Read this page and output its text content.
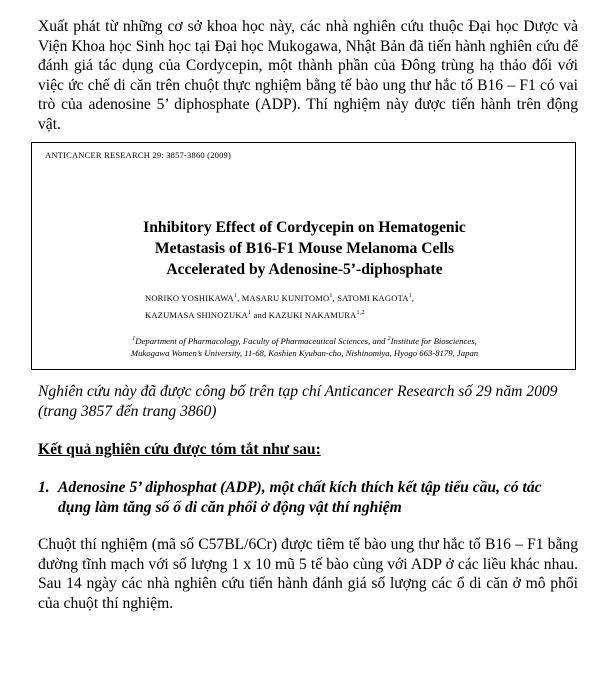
Xuất phát từ những cơ sở khoa học này, các nhà nghiên cứu thuộc Đại học Dược và Viện Khoa học Sinh học tại Đại học Mukogawa, Nhật Bản đã tiến hành nghiên cứu để đánh giá tác dụng của Cordycepin, một thành phần của Đông trùng hạ thảo đối với việc ức chế di căn trên chuột thực nghiệm bằng tế bào ung thư hắc tố B16 – F1 có vai trò của adenosine 5’ diphosphate (ADP). Thí nghiệm này được tiến hành trên động vật.

ANTICANCER RESEARCH 29: 3857-3860 (2009)
Inhibitory Effect of Cordycepin on Hematogenic
Metastasis of B16-F1 Mouse Melanoma Cells
Accelerated by Adenosine-5’-diphosphate
NORIKO YOSHIKAWA$^1$, MASARU KUNITOMO$^1$, SATOMI KAGOTA$^1$,
KAZUMASA SHINOZUKA$^1$ and KAZUKI NAKAMURA$^{1,2}$
$^1$Department of Pharmacology, Faculty of Pharmaceutical Sciences, and $^2$Institute for Biosciences,
Mukogawa Women’s University, 11-68, Koshien Kyuban-cho, Nishinomiya, Hyogo 663-8179, Japan

Nghiên cứu này đã được công bố trên tạp chí Anticancer Research số 29 năm 2009 (trang 3857 đến trang 3860)

Kết quả nghiên cứu được tóm tắt như sau:

1. Adenosine 5’ diphosphat (ADP), một chất kích thích kết tập tiểu cầu, có tác dụng làm tăng số ổ di căn phổi ở động vật thí nghiệm

Chuột thí nghiệm (mã số C57BL/6Cr) được tiêm tế bào ung thư hắc tố B16 – F1 bằng đường tĩnh mạch với số lượng 1 x 10 mũ 5 tế bào cùng với ADP ở các liều khác nhau. Sau 14 ngày các nhà nghiên cứu tiến hành đánh giá số lượng các ổ di căn ở mô phổi của chuột thí nghiệm.
